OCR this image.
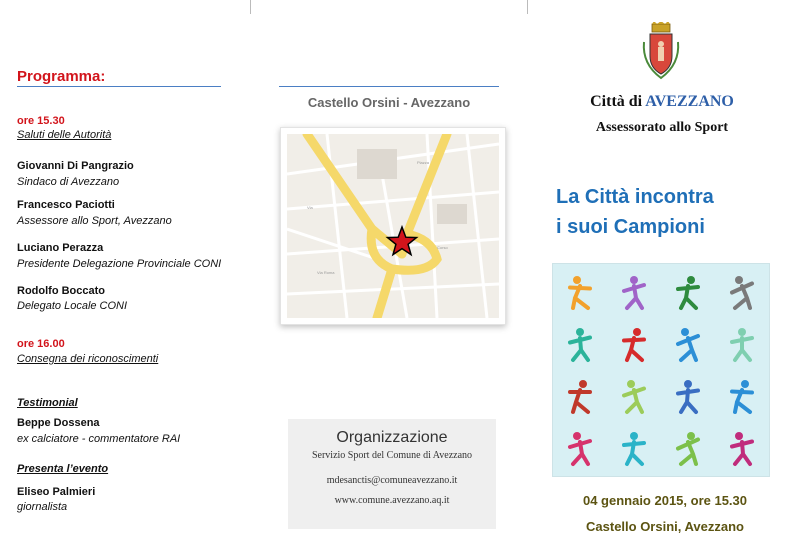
Programma:
ore 15.30
Saluti delle Autorità
Giovanni Di Pangrazio
Sindaco di Avezzano
Francesco Paciotti
Assessore allo Sport, Avezzano
Luciano Perazza
Presidente Delegazione Provinciale CONI
Rodolfo Boccato
Delegato Locale CONI
ore 16.00
Consegna dei riconoscimenti
Testimonial
Beppe Dossena
ex calciatore - commentatore RAI
Presenta l’evento
Eliseo Palmieri
giornalista
Castello Orsini - Avezzano
Piazza
Via
Corso
Via Roma
Organizzazione
Servizio Sport del Comune di Avezzano
mdesanctis@comuneavezzano.it
www.comune.avezzano.aq.it
Città di AVEZZANO
Assessorato allo Sport
La Città incontra
i suoi Campioni
04 gennaio 2015, ore 15.30
Castello Orsini, Avezzano
